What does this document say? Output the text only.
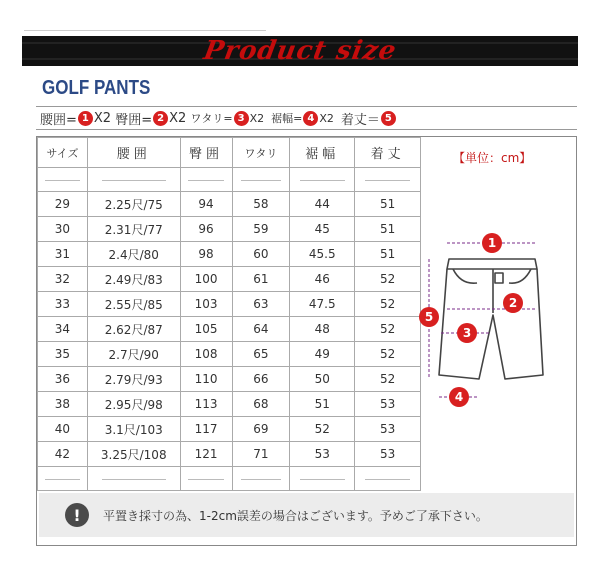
Product size
GOLF PANTS
腰囲= 1 X2
臀囲= 2 X2
ワタリ= 3 X2
裾幅= 4 X2
着丈＝ 5
サイズ	腰囲	臀囲	ワタリ	裾幅	着丈

29	2.25尺/75	94	58	44	51
30	2.31尺/77	96	59	45	51
31	2.4尺/80	98	60	45.5	51
32	2.49尺/83	100	61	46	52
33	2.55尺/85	103	63	47.5	52
34	2.62尺/87	105	64	48	52
35	2.7尺/90	108	65	49	52
36	2.79尺/93	110	66	50	52
38	2.95尺/98	113	68	51	53
40	3.1尺/103	117	69	52	53
42	3.25尺/108	121	71	53	53

【単位：cm】
1
2
3
4
5
!	平置き採寸の為、1-2cm誤差の場合はございます。予めご了承下さい。
